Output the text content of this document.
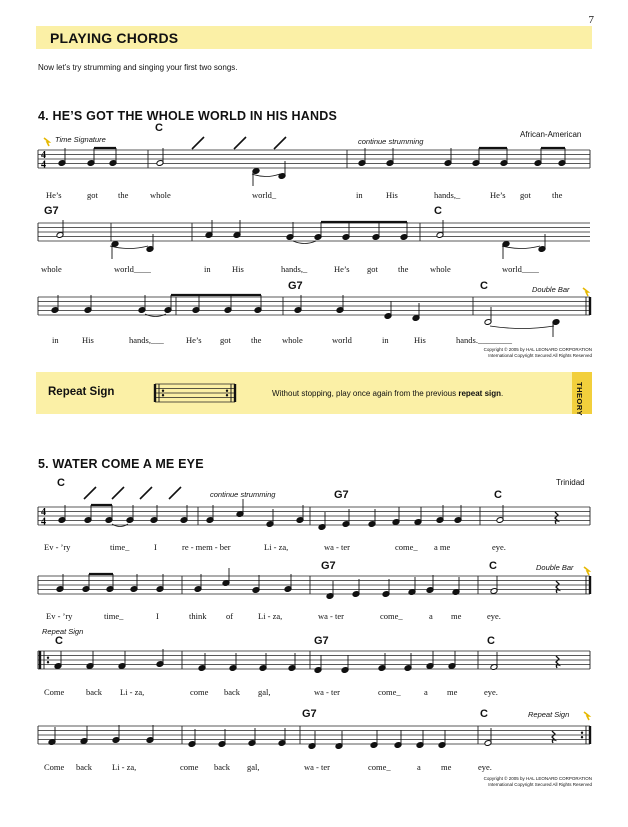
7
PLAYING CHORDS
Now let’s try strumming and singing your first two songs.
4. HE’S GOT THE WHOLE WORLD IN HIS HANDS
African-American
Time Signature	continue strumming
Double Bar
C
G7	C
G7	C
He’s	got the	whole	world_	in	His	hands,_	He’s got the
whole	world____	in	His	hands,_	He’s got the	whole	world____
in	His	hands,___	He’s got the whole	world	in	His	hands.________
Copyright © 2005 by HAL LEONARD CORPORATION
International Copyright Secured All Rights Reserved
THEORY
Repeat Sign	Without stopping, play once again from the previous repeat sign.
5. WATER COME A ME EYE
Trinidad
continue strumming
Double Bar
Repeat Sign
Repeat Sign
C
G7	C
G7	C
C	G7	C
G7	C
Ev - ’ry	time_	I	re - mem - ber	Li - za,	wa - ter	come_ a me	eye.
Ev - ’ry	time_	I	think of	Li - za,	wa - ter	come_	a me	eye.
Come	back Li - za,	come back gal,	wa - ter	come_	a me	eye.
Come back Li - za,	come back gal,	wa - ter	come_	a me	eye.
Copyright © 2005 by HAL LEONARD CORPORATION
International Copyright Secured All Rights Reserved
4
4
4
4
